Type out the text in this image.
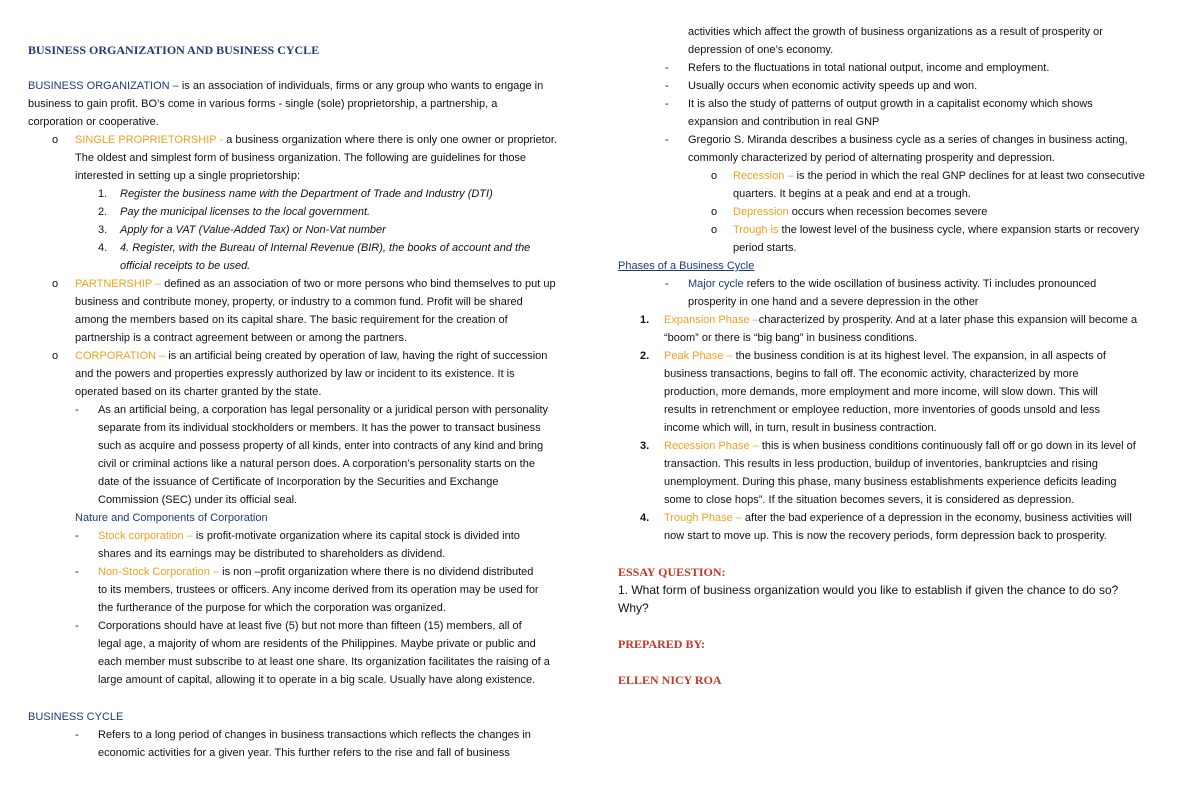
BUSINESS ORGANIZATION AND BUSINESS CYCLE
BUSINESS ORGANIZATION – is an association of individuals, firms or any group who wants to engage in
business to gain profit. BO’s come in various forms - single (sole) proprietorship, a partnership, a
corporation or cooperative.
o SINGLE PROPRIETORSHIP - a business organization where there is only one owner or proprietor.
The oldest and simplest form of business organization. The following are guidelines for those
interested in setting up a single proprietorship:
1. Register the business name with the Department of Trade and Industry (DTI)
2. Pay the municipal licenses to the local government.
3. Apply for a VAT (Value-Added Tax) or Non-Vat number
4. 4. Register, with the Bureau of Internal Revenue (BIR), the books of account and the
official receipts to be used.
o PARTNERSHIP – defined as an association of two or more persons who bind themselves to put up
business and contribute money, property, or industry to a common fund. Profit will be shared
among the members based on its capital share. The basic requirement for the creation of
partnership is a contract agreement between or among the partners.
o CORPORATION – is an artificial being created by operation of law, having the right of succession
and the powers and properties expressly authorized by law or incident to its existence. It is
operated based on its charter granted by the state.
- As an artificial being, a corporation has legal personality or a juridical person with personality
separate from its individual stockholders or members. It has the power to transact business
such as acquire and possess property of all kinds, enter into contracts of any kind and bring
civil or criminal actions like a natural person does. A corporation’s personality starts on the
date of the issuance of Certificate of Incorporation by the Securities and Exchange
Commission (SEC) under its official seal.
Nature and Components of Corporation
- Stock corporation – is profit-motivate organization where its capital stock is divided into
shares and its earnings may be distributed to shareholders as dividend.
- Non-Stock Corporation – is non –profit organization where there is no dividend distributed
to its members, trustees or officers. Any income derived from its operation may be used for
the furtherance of the purpose for which the corporation was organized.
- Corporations should have at least five (5) but not more than fifteen (15) members, all of
legal age, a majority of whom are residents of the Philippines. Maybe private or public and
each member must subscribe to at least one share. Its organization facilitates the raising of a
large amount of capital, allowing it to operate in a big scale. Usually have along existence.
BUSINESS CYCLE
- Refers to a long period of changes in business transactions which reflects the changes in
economic activities for a given year. This further refers to the rise and fall of business
activities which affect the growth of business organizations as a result of prosperity or
depression of one’s economy.
- Refers to the fluctuations in total national output, income and employment.
- Usually occurs when economic activity speeds up and won.
- It is also the study of patterns of output growth in a capitalist economy which shows
expansion and contribution in real GNP
- Gregorio S. Miranda describes a business cycle as a series of changes in business acting,
commonly characterized by period of alternating prosperity and depression.
o Recession – is the period in which the real GNP declines for at least two consecutive
quarters. It begins at a peak and end at a trough.
o Depression occurs when recession becomes severe
o Trough is the lowest level of the business cycle, where expansion starts or recovery
period starts.
Phases of a Business Cycle
- Major cycle refers to the wide oscillation of business activity. Ti includes pronounced
prosperity in one hand and a severe depression in the other
1. Expansion Phase –characterized by prosperity. And at a later phase this expansion will become a
“boom” or there is “big bang” in business conditions.
2. Peak Phase – the business condition is at its highest level. The expansion, in all aspects of
business transactions, begins to fall off. The economic activity, characterized by more
production, more demands, more employment and more income, will slow down. This will
results in retrenchment or employee reduction, more inventories of goods unsold and less
income which will, in turn, result in business contraction.
3. Recession Phase – this is when business conditions continuously fall off or go down in its level of
transaction. This results in less production, buildup of inventories, bankruptcies and rising
unemployment. During this phase, many business establishments experience deficits leading
some to close hops”. If the situation becomes severs, it is considered as depression.
4. Trough Phase – after the bad experience of a depression in the economy, business activities will
now start to move up. This is now the recovery periods, form depression back to prosperity.
ESSAY QUESTION:
1. What form of business organization would you like to establish if given the chance to do so?
Why?
PREPARED BY:
ELLEN NICY ROA
